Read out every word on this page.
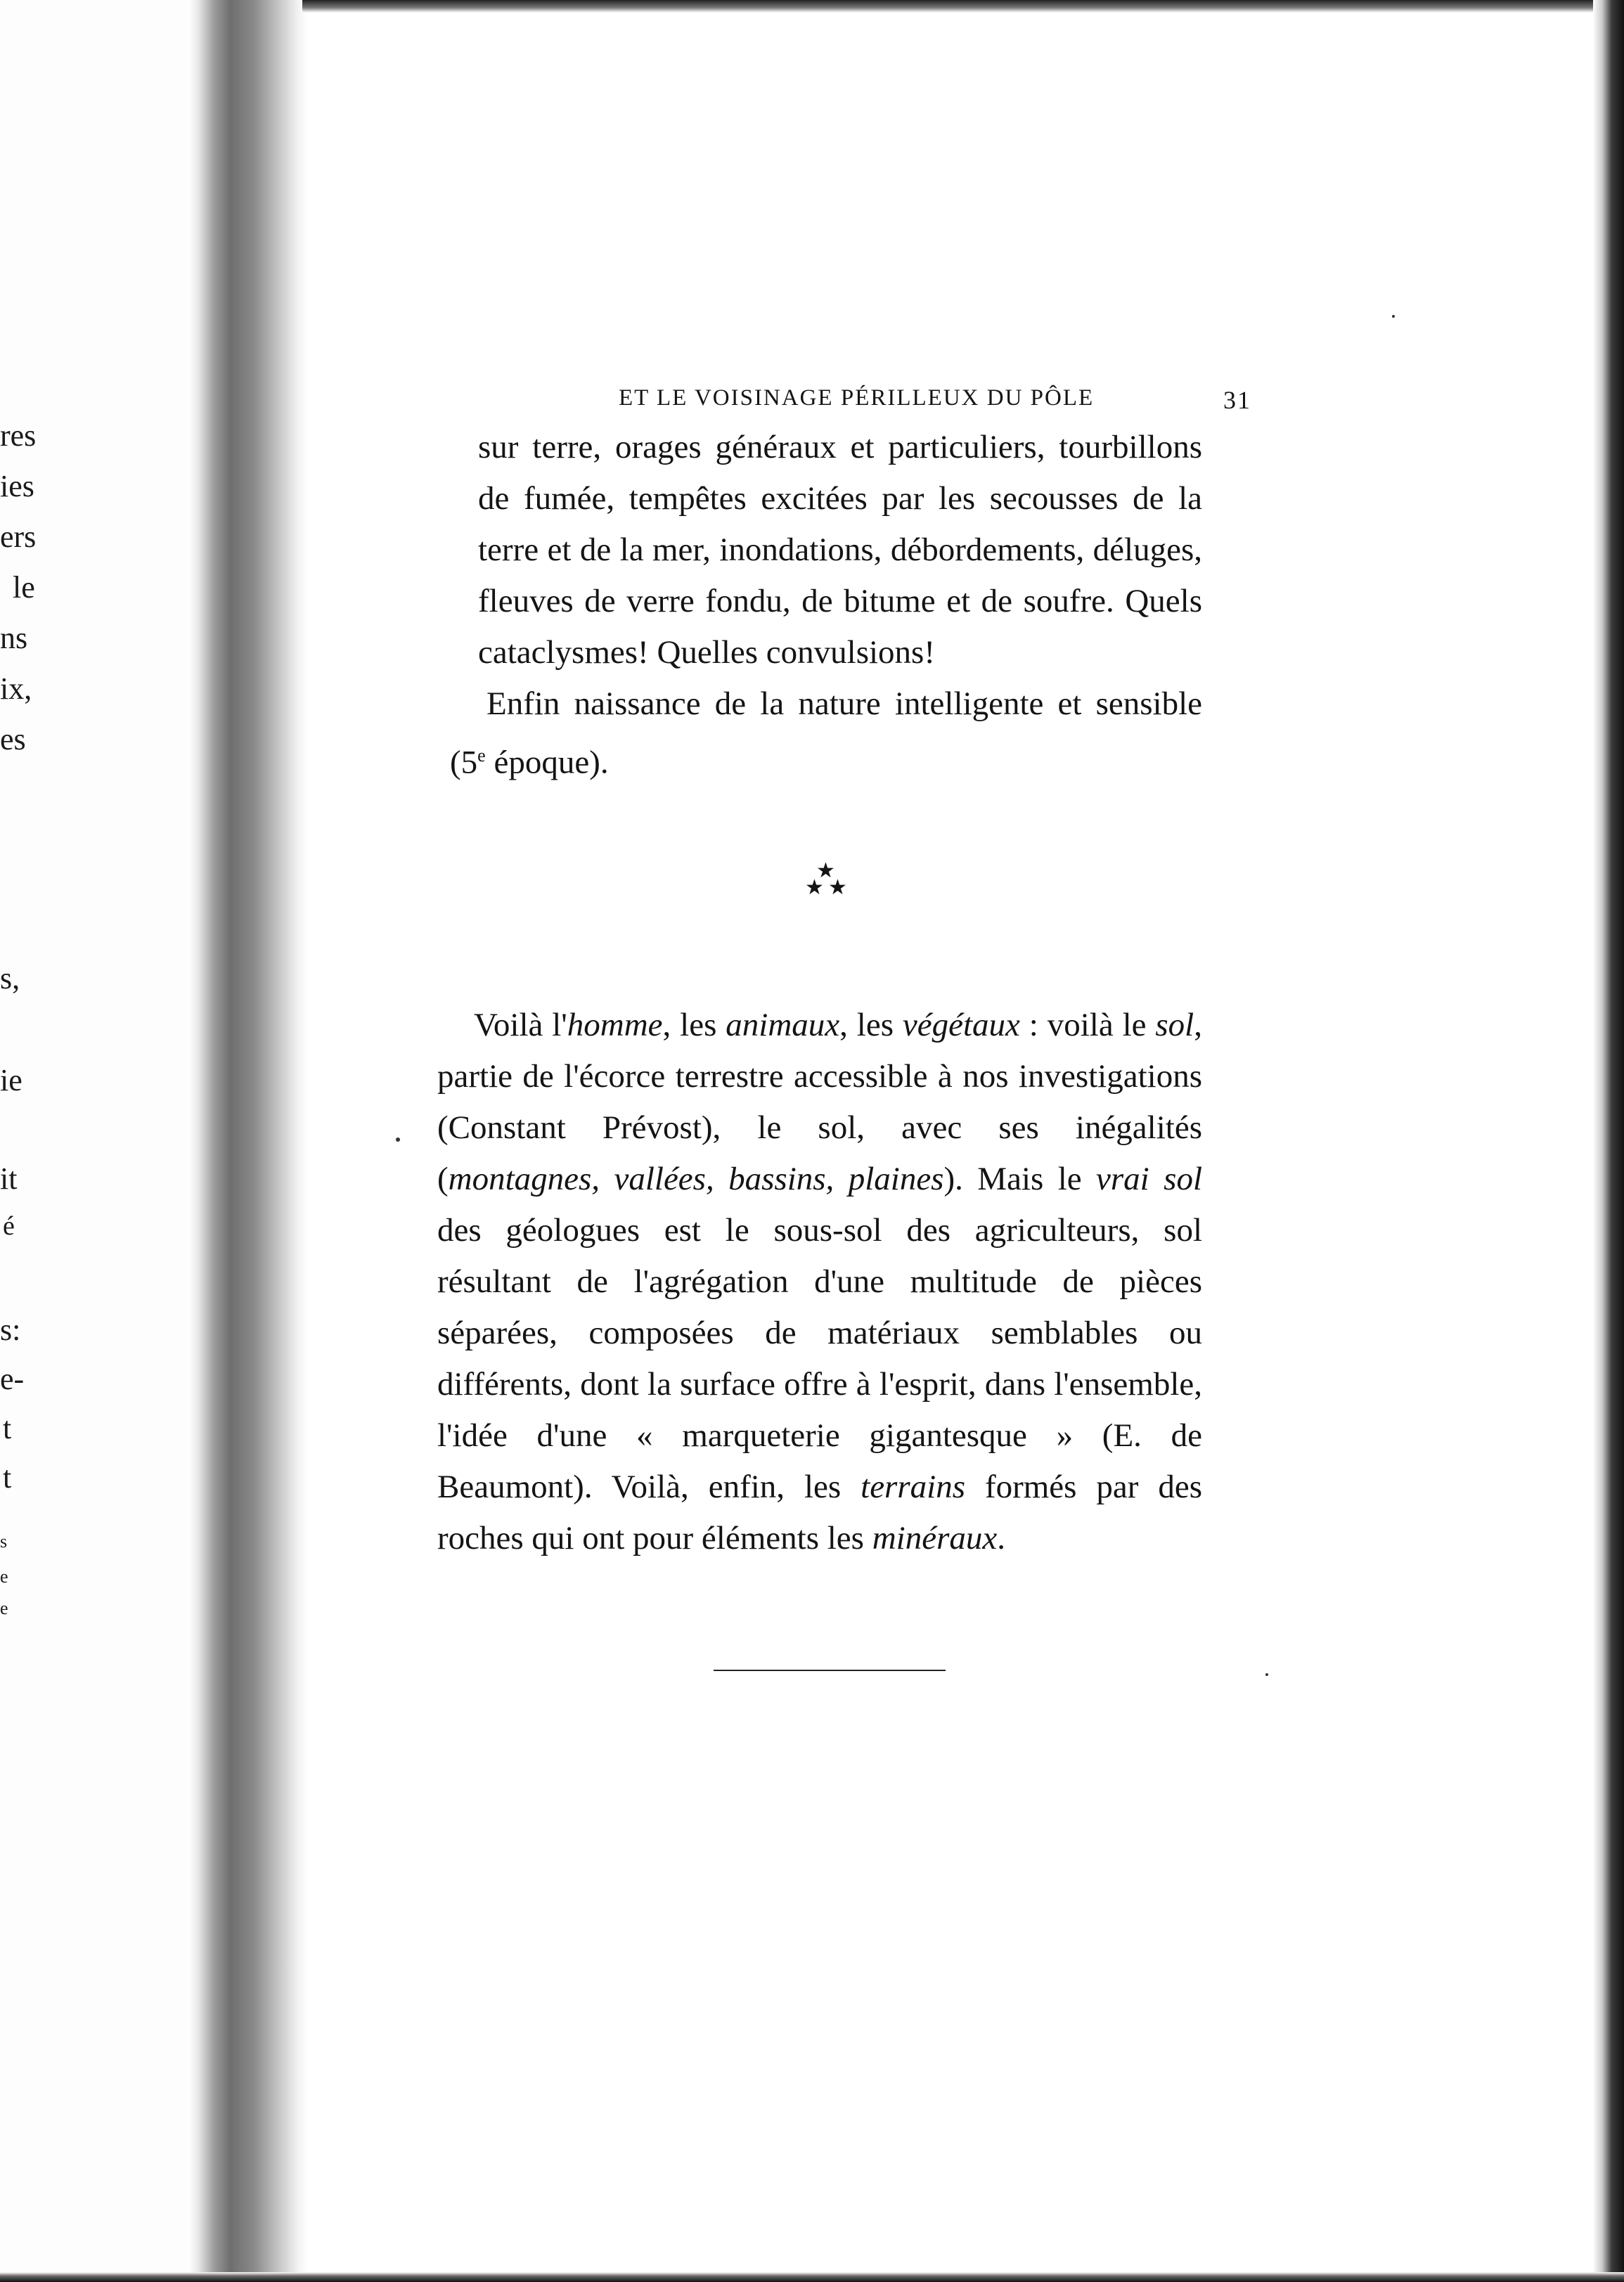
res
ies
ers
le
ns
ix,
es
s,
ie
it
é
s:
e-
t
t
s
e
e
ET LE VOISINAGE PÉRILLEUX DU PÔLE	31

sur terre, orages généraux et particuliers, tourbillons de fumée, tempêtes excitées par les secousses de la terre et de la mer, inondations, débordements, déluges, fleuves de verre fondu, de bitume et de soufre. Quels cataclysmes! Quelles convulsions!

Enfin naissance de la nature intelligente et sensible (5e époque).

★
★ ★

Voilà l'homme, les animaux, les végétaux : voilà le sol, partie de l'écorce terrestre accessible à nos investigations (Constant Prévost), le sol, avec ses inégalités (montagnes, vallées, bassins, plaines). Mais le vrai sol des géologues est le sous-sol des agriculteurs, sol résultant de l'agrégation d'une multitude de pièces séparées, composées de matériaux semblables ou différents, dont la surface offre à l'esprit, dans l'ensemble, l'idée d'une « marqueterie gigantesque » (E. de Beaumont). Voilà, enfin, les terrains formés par des roches qui ont pour éléments les minéraux.
